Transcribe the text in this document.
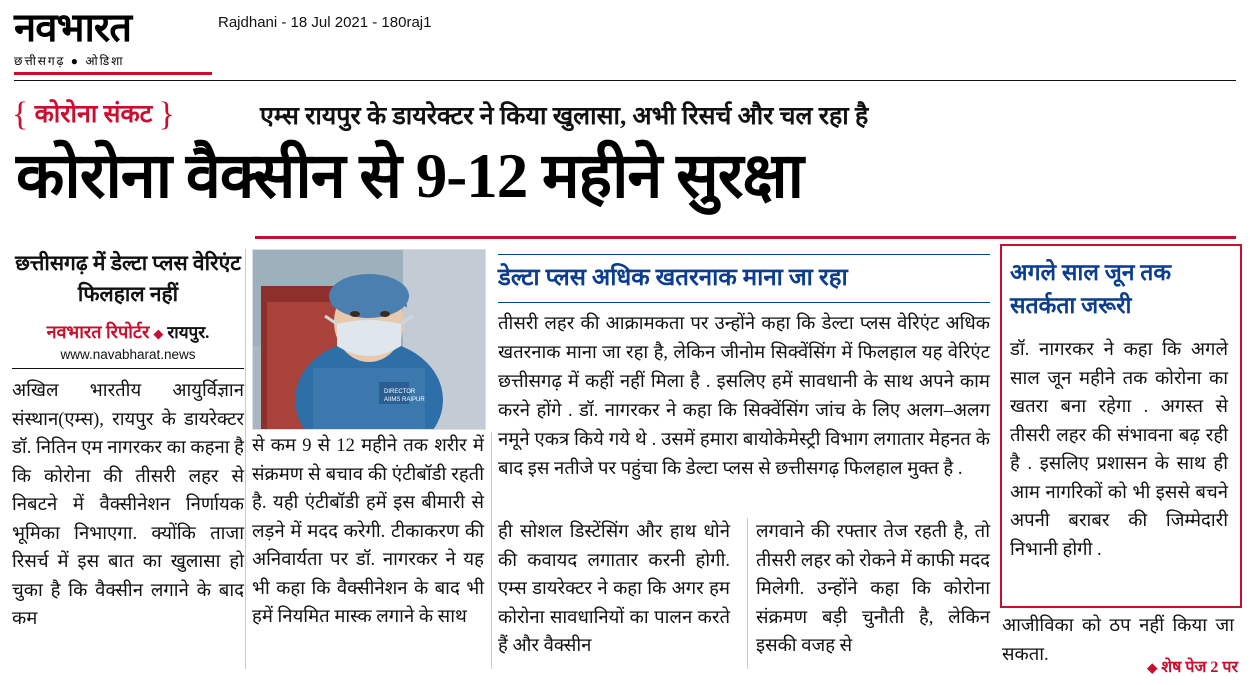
नवभारत
छत्तीसगढ़ ● ओडिशा
Rajdhani - 18 Jul 2021 - 180raj1
{ कोरोना संकट }	एम्स रायपुर के डायरेक्टर ने किया खुलासा, अभी रिसर्च और चल रहा है
कोरोना वैक्सीन से 9-12 महीने सुरक्षा
छत्तीसगढ़ में डेल्टा प्लस वेरिएंट फिलहाल नहीं
नवभारत रिपोर्टर ◆ रायपुर.
www.navabharat.news
अखिल भारतीय आयुर्विज्ञान संस्थान(एम्स), रायपुर के डायरेक्टर डॉ. नितिन एम नागरकर का कहना है कि कोरोना की तीसरी लहर से निबटने में वैक्सीनेशन निर्णायक भूमिका निभाएगा. क्योंकि ताजा रिसर्च में इस बात का खुलासा हो चुका है कि वैक्सीन लगाने के बाद कम
DIRECTOR
AIIMS RAIPUR
डेल्टा प्लस अधिक खतरनाक माना जा रहा
तीसरी लहर की आक्रामकता पर उन्होंने कहा कि डेल्टा प्लस वेरिएंट अधिक खतरनाक माना जा रहा है, लेकिन जीनोम सिक्वेंसिंग में फिलहाल यह वेरिएंट छत्तीसगढ़ में कहीं नहीं मिला है . इसलिए हमें सावधानी के साथ अपने काम करने होंगे . डॉ. नागरकर ने कहा कि सिक्वेंसिंग जांच के लिए अलग–अलग नमूने एकत्र किये गये थे . उसमें हमारा बायोकेमेस्ट्री विभाग लगातार मेहनत के बाद इस नतीजे पर पहुंचा कि डेल्टा प्लस से छत्तीसगढ़ फिलहाल मुक्त है .
से कम 9 से 12 महीने तक शरीर में संक्रमण से बचाव की एंटीबॉडी रहती है. यही एंटीबॉडी हमें इस बीमारी से लड़ने में मदद करेगी. टीकाकरण की अनिवार्यता पर डॉ. नागरकर ने यह भी कहा कि वैक्सीनेशन के बाद भी हमें नियमित मास्क लगाने के साथ
ही सोशल डिस्टेंसिंग और हाथ धोने की कवायद लगातार करनी होगी. एम्स डायरेक्टर ने कहा कि अगर हम कोरोना सावधानियों का पालन करते हैं और वैक्सीन
लगवाने की रफ्तार तेज रहती है, तो तीसरी लहर को रोकने में काफी मदद मिलेगी. उन्होंने कहा कि कोरोना संक्रमण बड़ी चुनौती है, लेकिन इसकी वजह से
अगले साल जून तक सतर्कता जरूरी
डॉ. नागरकर ने कहा कि अगले साल जून महीने तक कोरोना का खतरा बना रहेगा . अगस्त से तीसरी लहर की संभावना बढ़ रही है . इसलिए प्रशासन के साथ ही आम नागरिकों को भी इससे बचने अपनी बराबर की जिम्मेदारी निभानी होगी .
आजीविका को ठप नहीं किया जा सकता.
◆ शेष पेज 2 पर
